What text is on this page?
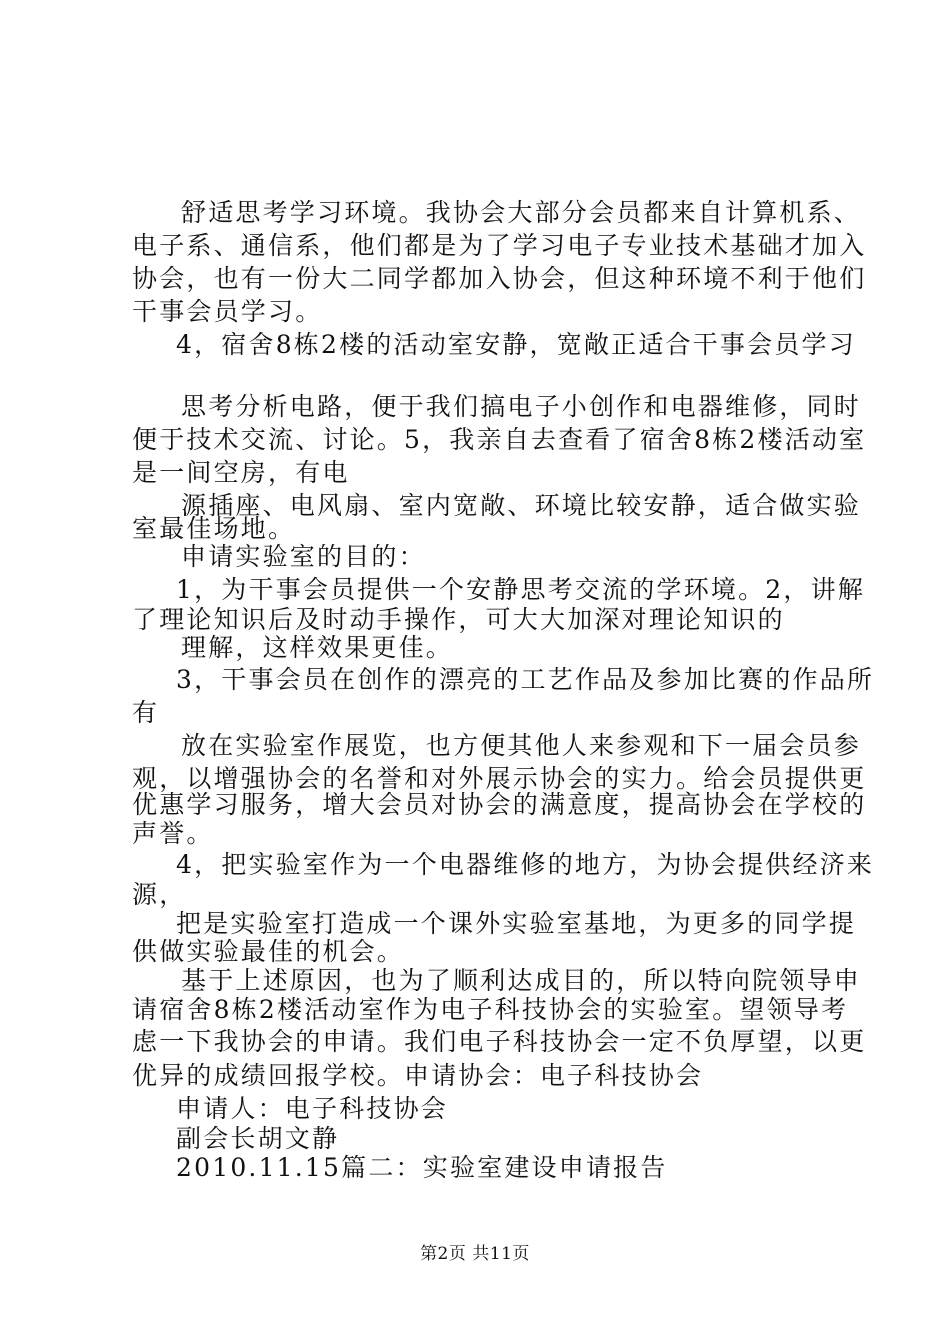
舒适思考学习环境。我协会大部分会员都来自计算机系、
电子系、通信系，他们都是为了学习电子专业技术基础才加入
协会，也有一份大二同学都加入协会，但这种环境不利于他们
干事会员学习。
4，宿舍8栋2楼的活动室安静，宽敞正适合干事会员学习
思考分析电路，便于我们搞电子小创作和电器维修，同时
便于技术交流、讨论。5，我亲自去查看了宿舍8栋2楼活动室
是一间空房，有电
源插座、电风扇、室内宽敞、环境比较安静，适合做实验
室最佳场地。
申请实验室的目的：
1，为干事会员提供一个安静思考交流的学环境。2，讲解
了理论知识后及时动手操作，可大大加深对理论知识的
理解，这样效果更佳。
3，干事会员在创作的漂亮的工艺作品及参加比赛的作品所
有
放在实验室作展览，也方便其他人来参观和下一届会员参
观，以增强协会的名誉和对外展示协会的实力。给会员提供更
优惠学习服务，增大会员对协会的满意度，提高协会在学校的
声誉。
4，把实验室作为一个电器维修的地方，为协会提供经济来
源，
把是实验室打造成一个课外实验室基地，为更多的同学提
供做实验最佳的机会。
基于上述原因，也为了顺利达成目的，所以特向院领导申
请宿舍8栋2楼活动室作为电子科技协会的实验室。望领导考
虑一下我协会的申请。我们电子科技协会一定不负厚望，以更
优异的成绩回报学校。申请协会：电子科技协会
申请人：电子科技协会
副会长胡文静
2010.11.15篇二：实验室建设申请报告
第2页 共11页
